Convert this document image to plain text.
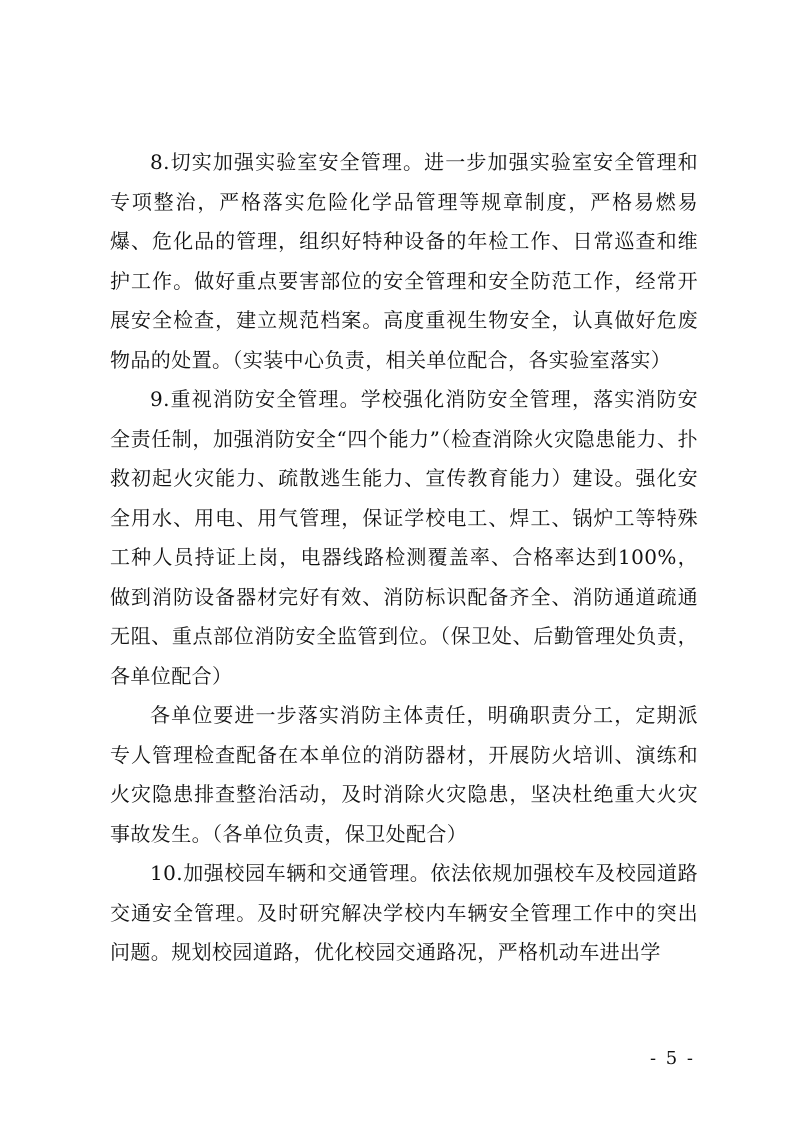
8.切实加强实验室安全管理。进一步加强实验室安全管理和专项整治，严格落实危险化学品管理等规章制度，严格易燃易爆、危化品的管理，组织好特种设备的年检工作、日常巡查和维护工作。做好重点要害部位的安全管理和安全防范工作，经常开展安全检查，建立规范档案。高度重视生物安全，认真做好危废物品的处置。（实装中心负责，相关单位配合，各实验室落实）

9.重视消防安全管理。学校强化消防安全管理，落实消防安全责任制，加强消防安全“四个能力”（检查消除火灾隐患能力、扑救初起火灾能力、疏散逃生能力、宣传教育能力）建设。强化安全用水、用电、用气管理，保证学校电工、焊工、锅炉工等特殊工种人员持证上岗，电器线路检测覆盖率、合格率达到100%，做到消防设备器材完好有效、消防标识配备齐全、消防通道疏通无阻、重点部位消防安全监管到位。（保卫处、后勤管理处负责，各单位配合）

各单位要进一步落实消防主体责任，明确职责分工，定期派专人管理检查配备在本单位的消防器材，开展防火培训、演练和火灾隐患排查整治活动，及时消除火灾隐患，坚决杜绝重大火灾事故发生。（各单位负责，保卫处配合）

10.加强校园车辆和交通管理。依法依规加强校车及校园道路交通安全管理。及时研究解决学校内车辆安全管理工作中的突出问题。规划校园道路，优化校园交通路况，严格机动车进出学

- 5 -
